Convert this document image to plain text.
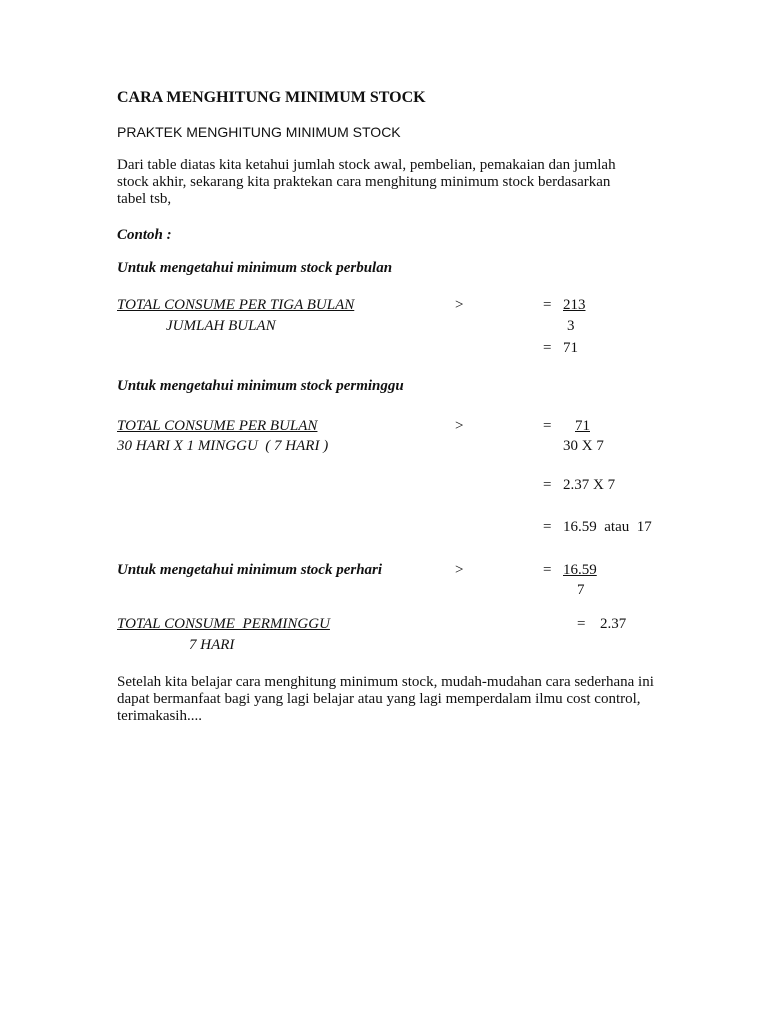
CARA MENGHITUNG MINIMUM STOCK
PRAKTEK MENGHITUNG MINIMUM STOCK
Dari table diatas kita ketahui jumlah stock awal, pembelian, pemakaian dan jumlah
stock akhir, sekarang kita praktekan cara menghitung minimum stock berdasarkan
tabel tsb,
Contoh :
Untuk mengetahui minimum stock perbulan
TOTAL CONSUME PER TIGA BULAN	>	= 213
JUMLAH BULAN	3
= 71
Untuk mengetahui minimum stock perminggu
TOTAL CONSUME PER BULAN	>	=	71
30 HARI X 1 MINGGU  ( 7 HARI )	30 X 7
= 2.37 X 7
= 16.59  atau  17
Untuk mengetahui minimum stock perhari	>	= 16.59
7
TOTAL CONSUME  PERMINGGU	= 2.37
7 HARI
Setelah kita belajar cara menghitung minimum stock, mudah-mudahan cara sederhana ini
dapat bermanfaat bagi yang lagi belajar atau yang lagi memperdalam ilmu cost control,
terimakasih....
